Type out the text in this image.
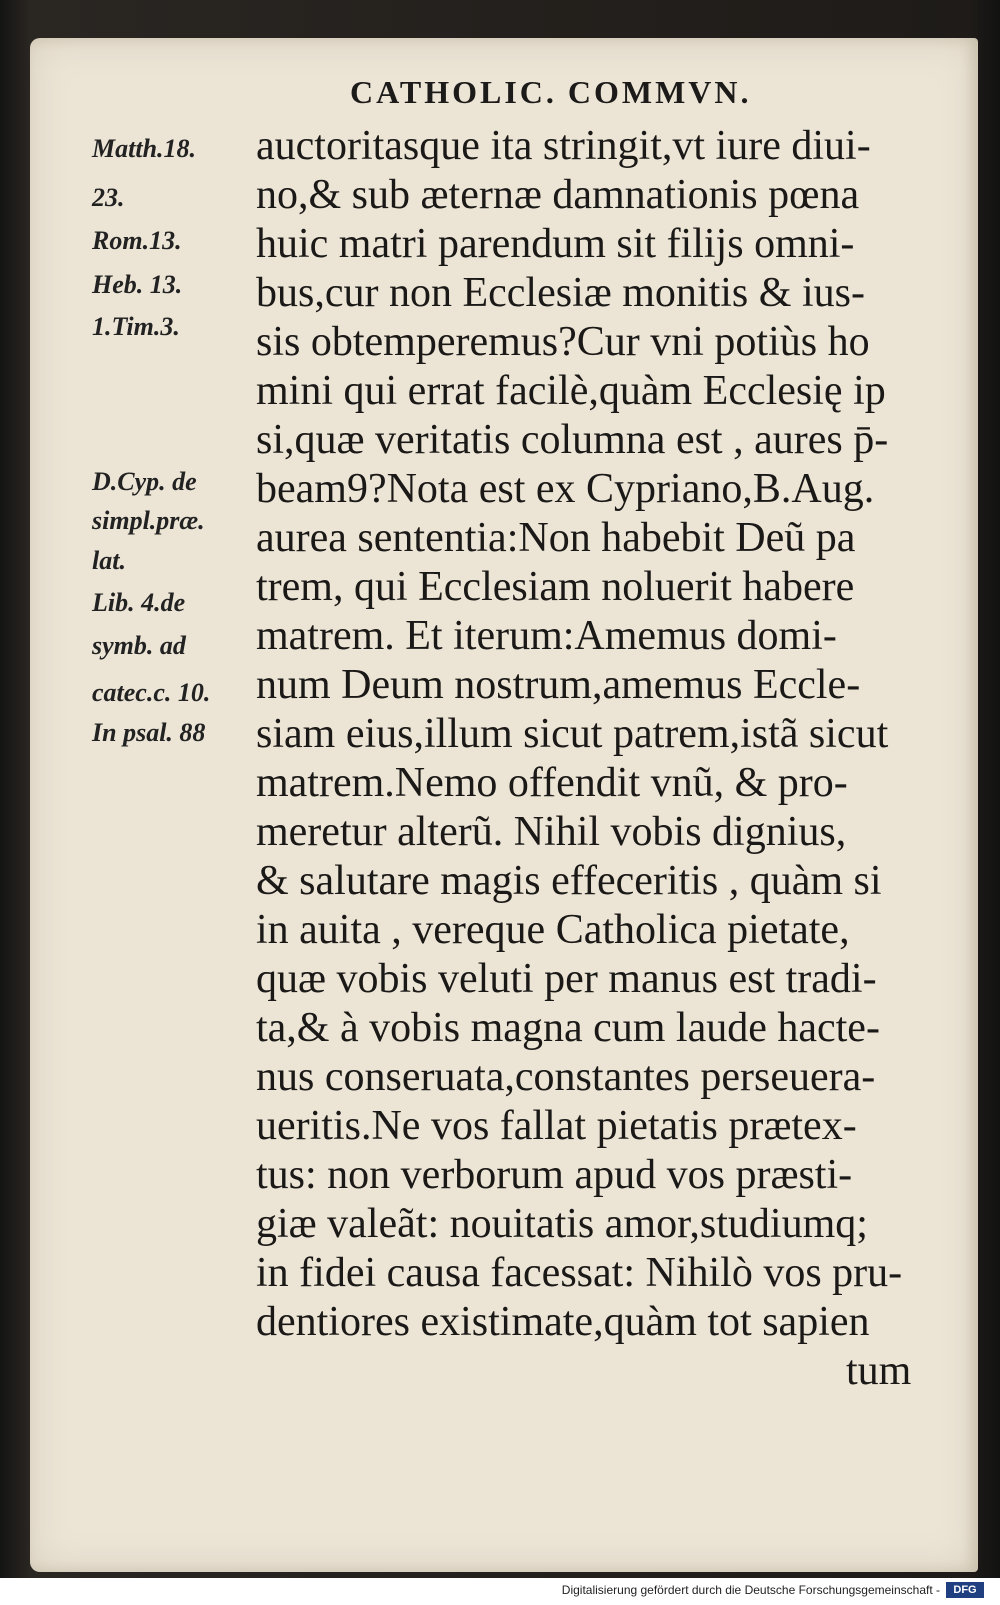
CATHOLIC. COMMVN.
Matth.18.
23.
Rom.13.
Heb. 13.
1.Tim.3.
D.Cyp. de
simpl.præ.
lat.
Lib. 4.de
symb. ad
catec.c. 10.
In psal. 88
auctoritasque ita stringit,vt iure diui-
no,& sub æternæ damnationis pœna
huic matri parendum sit filijs omni-
bus,cur non Ecclesiæ monitis & ius-
sis obtemperemus?Cur vni potiùs ho
mini qui errat facilè,quàm Ecclesię ip
si,quæ veritatis columna est , aures p̄-
beam9?Nota est ex Cypriano,B.Aug.
aurea sententia:Non habebit Deũ pa
trem, qui Ecclesiam noluerit habere
matrem. Et iterum:Amemus domi-
num Deum nostrum,amemus Eccle-
siam eius,illum sicut patrem,istã sicut
matrem.Nemo offendit vnũ, & pro-
meretur alterũ. Nihil vobis dignius,
& salutare magis effeceritis , quàm si
in auita , vereque Catholica pietate,
quæ vobis veluti per manus est tradi-
ta,& à vobis magna cum laude hacte-
nus conseruata,constantes perseuera-
ueritis.Ne vos fallat pietatis prætex-
tus: non verborum apud vos præsti-
giæ valeãt: nouitatis amor,studiumq;
in fidei causa facessat: Nihilò vos pru-
dentiores existimate,quàm tot sapien
tum
Digitalisierung gefördert durch die Deutsche Forschungsgemeinschaft -	DFG
